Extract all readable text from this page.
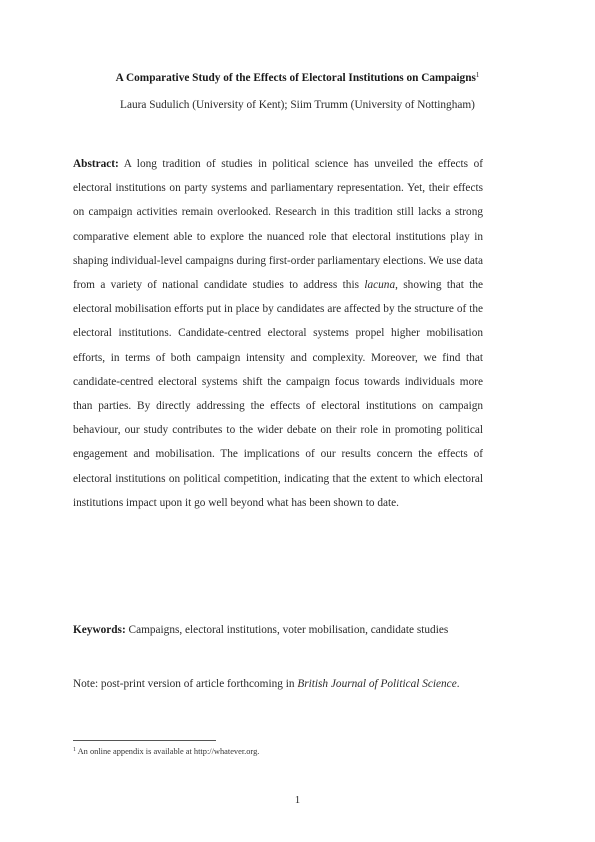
A Comparative Study of the Effects of Electoral Institutions on Campaigns$^1$
Laura Sudulich (University of Kent); Siim Trumm (University of Nottingham)

Abstract: A long tradition of studies in political science has unveiled the effects of electoral institutions on party systems and parliamentary representation. Yet, their effects on campaign activities remain overlooked. Research in this tradition still lacks a strong comparative element able to explore the nuanced role that electoral institutions play in shaping individual-level campaigns during first-order parliamentary elections. We use data from a variety of national candidate studies to address this lacuna, showing that the electoral mobilisation efforts put in place by candidates are affected by the structure of the electoral institutions. Candidate-centred electoral systems propel higher mobilisation efforts, in terms of both campaign intensity and complexity. Moreover, we find that candidate-centred electoral systems shift the campaign focus towards individuals more than parties. By directly addressing the effects of electoral institutions on campaign behaviour, our study contributes to the wider debate on their role in promoting political engagement and mobilisation. The implications of our results concern the effects of electoral institutions on political competition, indicating that the extent to which electoral institutions impact upon it go well beyond what has been shown to date.

Keywords: Campaigns, electoral institutions, voter mobilisation, candidate studies

Note: post-print version of article forthcoming in British Journal of Political Science.

$^1$ An online appendix is available at http://whatever.org.

1
